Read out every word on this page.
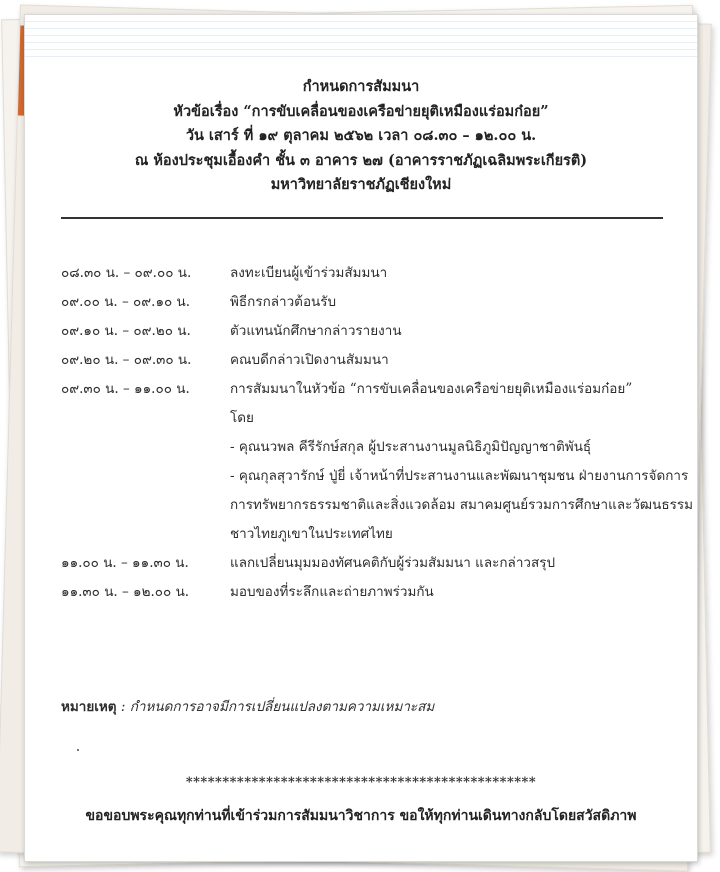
กำหนดการสัมมนา
หัวข้อเรื่อง “การขับเคลื่อนของเครือข่ายยุติเหมืองแร่อมก๋อย”
วัน เสาร์ ที่ ๑๙ ตุลาคม ๒๕๖๒ เวลา ๐๘.๓๐ – ๑๒.๐๐ น.
ณ ห้องประชุมเอื้องคำ ชั้น ๓ อาคาร ๒๗ (อาคารราชภัฏเฉลิมพระเกียรติ)
มหาวิทยาลัยราชภัฏเชียงใหม่
๐๘.๓๐ น. – ๐๙.๐๐ น.	ลงทะเบียนผู้เข้าร่วมสัมมนา
๐๙.๐๐ น. – ๐๙.๑๐ น.	พิธีกรกล่าวต้อนรับ
๐๙.๑๐ น. – ๐๙.๒๐ น.	ตัวแทนนักศึกษากล่าวรายงาน
๐๙.๒๐ น. – ๐๙.๓๐ น.	คณบดีกล่าวเปิดงานสัมมนา
๐๙.๓๐ น. – ๑๑.๐๐ น.	การสัมมนาในหัวข้อ “การขับเคลื่อนของเครือข่ายยุติเหมืองแร่อมก๋อย”
โดย
- คุณนวพล คีรีรักษ์สกุล ผู้ประสานงานมูลนิธิภูมิปัญญาชาติพันธุ์
- คุณกุลสุวารักษ์ ปู่ยี่ เจ้าหน้าที่ประสานงานและพัฒนาชุมชน ฝ่ายงานการจัดการ
การทรัพยากรธรรมชาติและสิ่งแวดล้อม สมาคมศูนย์รวมการศึกษาและวัฒนธรรม
ชาวไทยภูเขาในประเทศไทย
๑๑.๐๐ น. – ๑๑.๓๐ น.	แลกเปลี่ยนมุมมองทัศนคติกับผู้ร่วมสัมมนา และกล่าวสรุป
๑๑.๓๐ น. – ๑๒.๐๐ น.	มอบของที่ระลึกและถ่ายภาพร่วมกัน
หมายเหตุ : กำหนดการอาจมีการเปลี่ยนแปลงตามความเหมาะสม
************************************************
ขอขอบพระคุณทุกท่านที่เข้าร่วมการสัมมนาวิชาการ ขอให้ทุกท่านเดินทางกลับโดยสวัสดิภาพ
